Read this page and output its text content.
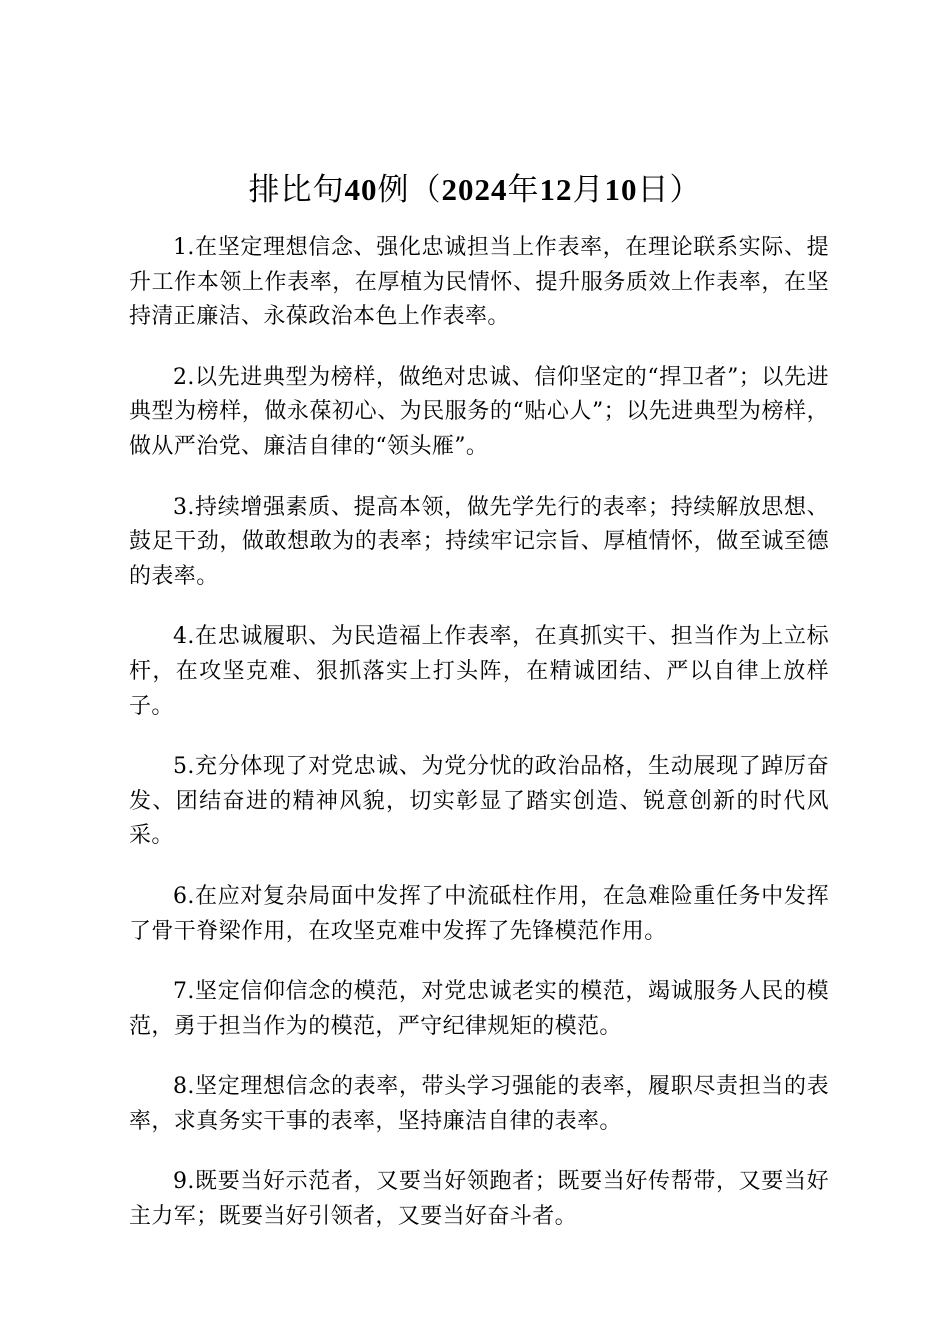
排比句40例（2024年12月10日）

1.在坚定理想信念、强化忠诚担当上作表率，在理论联系实际、提升工作本领上作表率，在厚植为民情怀、提升服务质效上作表率，在坚持清正廉洁、永葆政治本色上作表率。

2.以先进典型为榜样，做绝对忠诚、信仰坚定的“捍卫者”；以先进典型为榜样，做永葆初心、为民服务的“贴心人”；以先进典型为榜样，做从严治党、廉洁自律的“领头雁”。

3.持续增强素质、提高本领，做先学先行的表率；持续解放思想、鼓足干劲，做敢想敢为的表率；持续牢记宗旨、厚植情怀，做至诚至德的表率。

4.在忠诚履职、为民造福上作表率，在真抓实干、担当作为上立标杆，在攻坚克难、狠抓落实上打头阵，在精诚团结、严以自律上放样子。

5.充分体现了对党忠诚、为党分忧的政治品格，生动展现了踔厉奋发、团结奋进的精神风貌，切实彰显了踏实创造、锐意创新的时代风采。

6.在应对复杂局面中发挥了中流砥柱作用，在急难险重任务中发挥了骨干脊梁作用，在攻坚克难中发挥了先锋模范作用。

7.坚定信仰信念的模范，对党忠诚老实的模范，竭诚服务人民的模范，勇于担当作为的模范，严守纪律规矩的模范。

8.坚定理想信念的表率，带头学习强能的表率，履职尽责担当的表率，求真务实干事的表率，坚持廉洁自律的表率。

9.既要当好示范者，又要当好领跑者；既要当好传帮带，又要当好主力军；既要当好引领者，又要当好奋斗者。
